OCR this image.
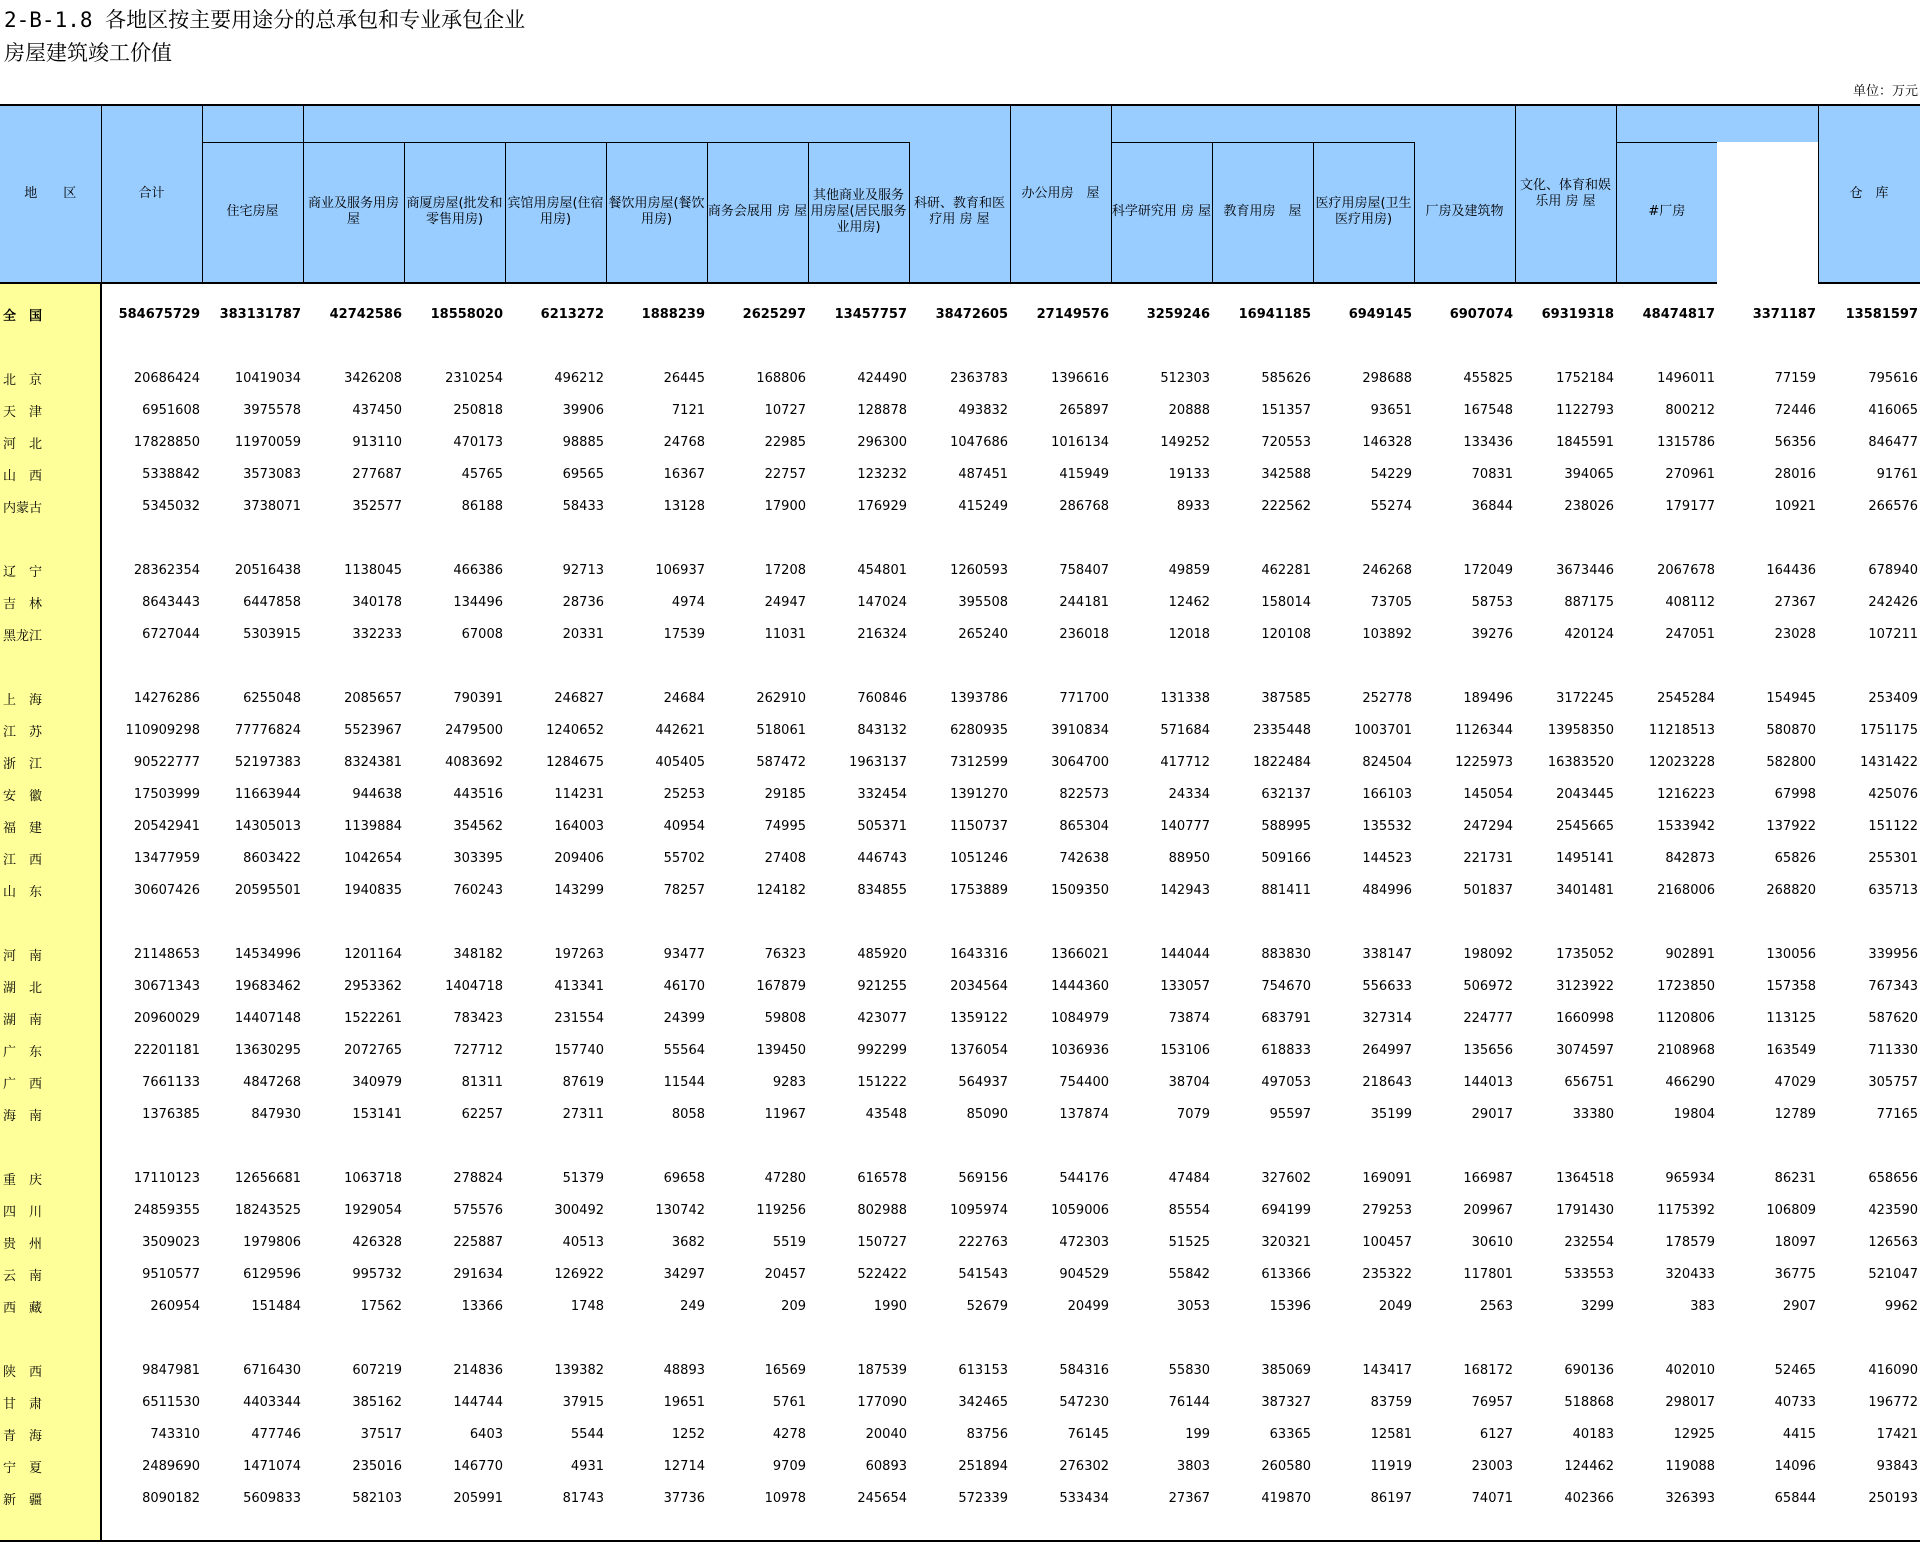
2-B-1.8 各地区按主要用途分的总承包和专业承包企业
房屋建筑竣工价值
单位：万元
地　　区	合计									办公用房　屋					文化、体育和娱乐用 房 屋			仓　库	
		住宅房屋	商业及服务用房屋	商厦房屋(批发和零售用房)	宾馆用房屋(住宿用房)	餐饮用房屋(餐饮用房)	商务会展用 房 屋	其他商业及服务用房屋(居民服务业用房)	科研、教育和医疗用 房 屋		科学研究用 房 屋	教育用房　屋	医疗用房屋(卫生医疗用房)	厂房及建筑物		#厂房			

全　国	584675729	383131787	42742586	18558020	6213272	1888239	2625297	13457757	38472605	27149576	3259246	16941185	6949145	6907074	69319318	48474817	3371187	13581597	

北　京	20686424	10419034	3426208	2310254	496212	26445	168806	424490	2363783	1396616	512303	585626	298688	455825	1752184	1496011	77159	795616	
天　津	6951608	3975578	437450	250818	39906	7121	10727	128878	493832	265897	20888	151357	93651	167548	1122793	800212	72446	416065	
河　北	17828850	11970059	913110	470173	98885	24768	22985	296300	1047686	1016134	149252	720553	146328	133436	1845591	1315786	56356	846477	
山　西	5338842	3573083	277687	45765	69565	16367	22757	123232	487451	415949	19133	342588	54229	70831	394065	270961	28016	91761	
内蒙古	5345032	3738071	352577	86188	58433	13128	17900	176929	415249	286768	8933	222562	55274	36844	238026	179177	10921	266576	

辽　宁	28362354	20516438	1138045	466386	92713	106937	17208	454801	1260593	758407	49859	462281	246268	172049	3673446	2067678	164436	678940	
吉　林	8643443	6447858	340178	134496	28736	4974	24947	147024	395508	244181	12462	158014	73705	58753	887175	408112	27367	242426	
黑龙江	6727044	5303915	332233	67008	20331	17539	11031	216324	265240	236018	12018	120108	103892	39276	420124	247051	23028	107211	

上　海	14276286	6255048	2085657	790391	246827	24684	262910	760846	1393786	771700	131338	387585	252778	189496	3172245	2545284	154945	253409	
江　苏	110909298	77776824	5523967	2479500	1240652	442621	518061	843132	6280935	3910834	571684	2335448	1003701	1126344	13958350	11218513	580870	1751175	
浙　江	90522777	52197383	8324381	4083692	1284675	405405	587472	1963137	7312599	3064700	417712	1822484	824504	1225973	16383520	12023228	582800	1431422	
安　徽	17503999	11663944	944638	443516	114231	25253	29185	332454	1391270	822573	24334	632137	166103	145054	2043445	1216223	67998	425076	
福　建	20542941	14305013	1139884	354562	164003	40954	74995	505371	1150737	865304	140777	588995	135532	247294	2545665	1533942	137922	151122	
江　西	13477959	8603422	1042654	303395	209406	55702	27408	446743	1051246	742638	88950	509166	144523	221731	1495141	842873	65826	255301	
山　东	30607426	20595501	1940835	760243	143299	78257	124182	834855	1753889	1509350	142943	881411	484996	501837	3401481	2168006	268820	635713	

河　南	21148653	14534996	1201164	348182	197263	93477	76323	485920	1643316	1366021	144044	883830	338147	198092	1735052	902891	130056	339956	
湖　北	30671343	19683462	2953362	1404718	413341	46170	167879	921255	2034564	1444360	133057	754670	556633	506972	3123922	1723850	157358	767343	
湖　南	20960029	14407148	1522261	783423	231554	24399	59808	423077	1359122	1084979	73874	683791	327314	224777	1660998	1120806	113125	587620	
广　东	22201181	13630295	2072765	727712	157740	55564	139450	992299	1376054	1036936	153106	618833	264997	135656	3074597	2108968	163549	711330	
广　西	7661133	4847268	340979	81311	87619	11544	9283	151222	564937	754400	38704	497053	218643	144013	656751	466290	47029	305757	
海　南	1376385	847930	153141	62257	27311	8058	11967	43548	85090	137874	7079	95597	35199	29017	33380	19804	12789	77165	

重　庆	17110123	12656681	1063718	278824	51379	69658	47280	616578	569156	544176	47484	327602	169091	166987	1364518	965934	86231	658656	
四　川	24859355	18243525	1929054	575576	300492	130742	119256	802988	1095974	1059006	85554	694199	279253	209967	1791430	1175392	106809	423590	
贵　州	3509023	1979806	426328	225887	40513	3682	5519	150727	222763	472303	51525	320321	100457	30610	232554	178579	18097	126563	
云　南	9510577	6129596	995732	291634	126922	34297	20457	522422	541543	904529	55842	613366	235322	117801	533553	320433	36775	521047	
西　藏	260954	151484	17562	13366	1748	249	209	1990	52679	20499	3053	15396	2049	2563	3299	383	2907	9962	

陕　西	9847981	6716430	607219	214836	139382	48893	16569	187539	613153	584316	55830	385069	143417	168172	690136	402010	52465	416090	
甘　肃	6511530	4403344	385162	144744	37915	19651	5761	177090	342465	547230	76144	387327	83759	76957	518868	298017	40733	196772	
青　海	743310	477746	37517	6403	5544	1252	4278	20040	83756	76145	199	63365	12581	6127	40183	12925	4415	17421	
宁　夏	2489690	1471074	235016	146770	4931	12714	9709	60893	251894	276302	3803	260580	11919	23003	124462	119088	14096	93843	
新　疆	8090182	5609833	582103	205991	81743	37736	10978	245654	572339	533434	27367	419870	86197	74071	402366	326393	65844	250193	
